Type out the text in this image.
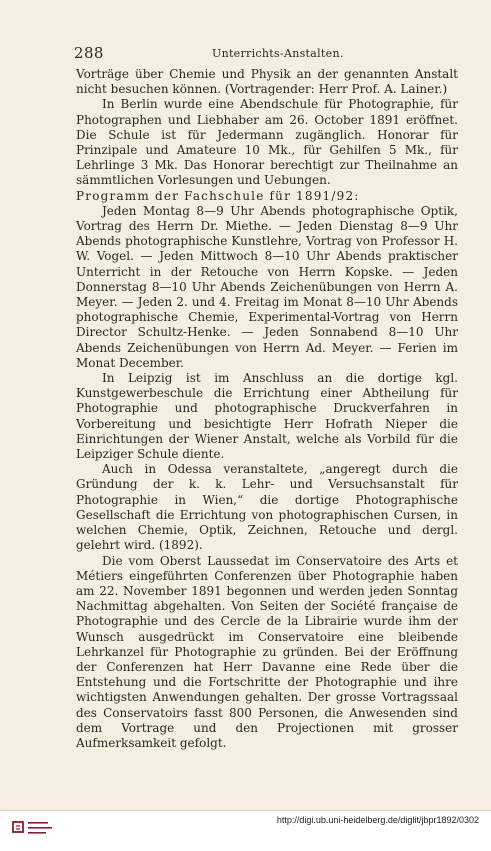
288	Unterrichts-Anstalten.

Vorträge über Chemie und Physik an der genannten Anstalt nicht besuchen können. (Vortragender: Herr Prof. A. Lainer.)

In Berlin wurde eine Abendschule für Photographie, für Photographen und Liebhaber am 26. October 1891 eröffnet. Die Schule ist für Jedermann zugänglich. Honorar für Prinzipale und Amateure 10 Mk., für Gehilfen 5 Mk., für Lehrlinge 3 Mk. Das Honorar berechtigt zur Theilnahme an sämmtlichen Vorlesungen und Uebungen.

Programm der Fachschule für 1891/92:

Jeden Montag 8—9 Uhr Abends photographische Optik, Vortrag des Herrn Dr. Miethe. — Jeden Dienstag 8—9 Uhr Abends photographische Kunstlehre, Vortrag von Professor H. W. Vogel. — Jeden Mittwoch 8—10 Uhr Abends praktischer Unterricht in der Retouche von Herrn Kopske. — Jeden Donnerstag 8—10 Uhr Abends Zeichenübungen von Herrn A. Meyer. — Jeden 2. und 4. Freitag im Monat 8—10 Uhr Abends photographische Chemie, Experimental-Vortrag von Herrn Director Schultz-Henke. — Jeden Sonnabend 8—10 Uhr Abends Zeichenübungen von Herrn Ad. Meyer. — Ferien im Monat December.

In Leipzig ist im Anschluss an die dortige kgl. Kunstgewerbeschule die Errichtung einer Abtheilung für Photographie und photographische Druckverfahren in Vorbereitung und besichtigte Herr Hofrath Nieper die Einrichtungen der Wiener Anstalt, welche als Vorbild für die Leipziger Schule diente.

Auch in Odessa veranstaltete, „angeregt durch die Gründung der k. k. Lehr- und Versuchsanstalt für Photographie in Wien,“ die dortige Photographische Gesellschaft die Errichtung von photographischen Cursen, in welchen Chemie, Optik, Zeichnen, Retouche und dergl. gelehrt wird. (1892).

Die vom Oberst Laussedat im Conservatoire des Arts et Métiers eingeführten Conferenzen über Photographie haben am 22. November 1891 begonnen und werden jeden Sonntag Nachmittag abgehalten. Von Seiten der Société française de Photographie und des Cercle de la Librairie wurde ihm der Wunsch ausgedrückt im Conservatoire eine bleibende Lehrkanzel für Photographie zu gründen. Bei der Eröffnung der Conferenzen hat Herr Davanne eine Rede über die Entstehung und die Fortschritte der Photographie und ihre wichtigsten Anwendungen gehalten. Der grosse Vortragssaal des Conservatoirs fasst 800 Personen, die Anwesenden sind dem Vortrage und den Projectionen mit grosser Aufmerksamkeit gefolgt.

http://digi.ub.uni-heidelberg.de/diglit/jbpr1892/0302
